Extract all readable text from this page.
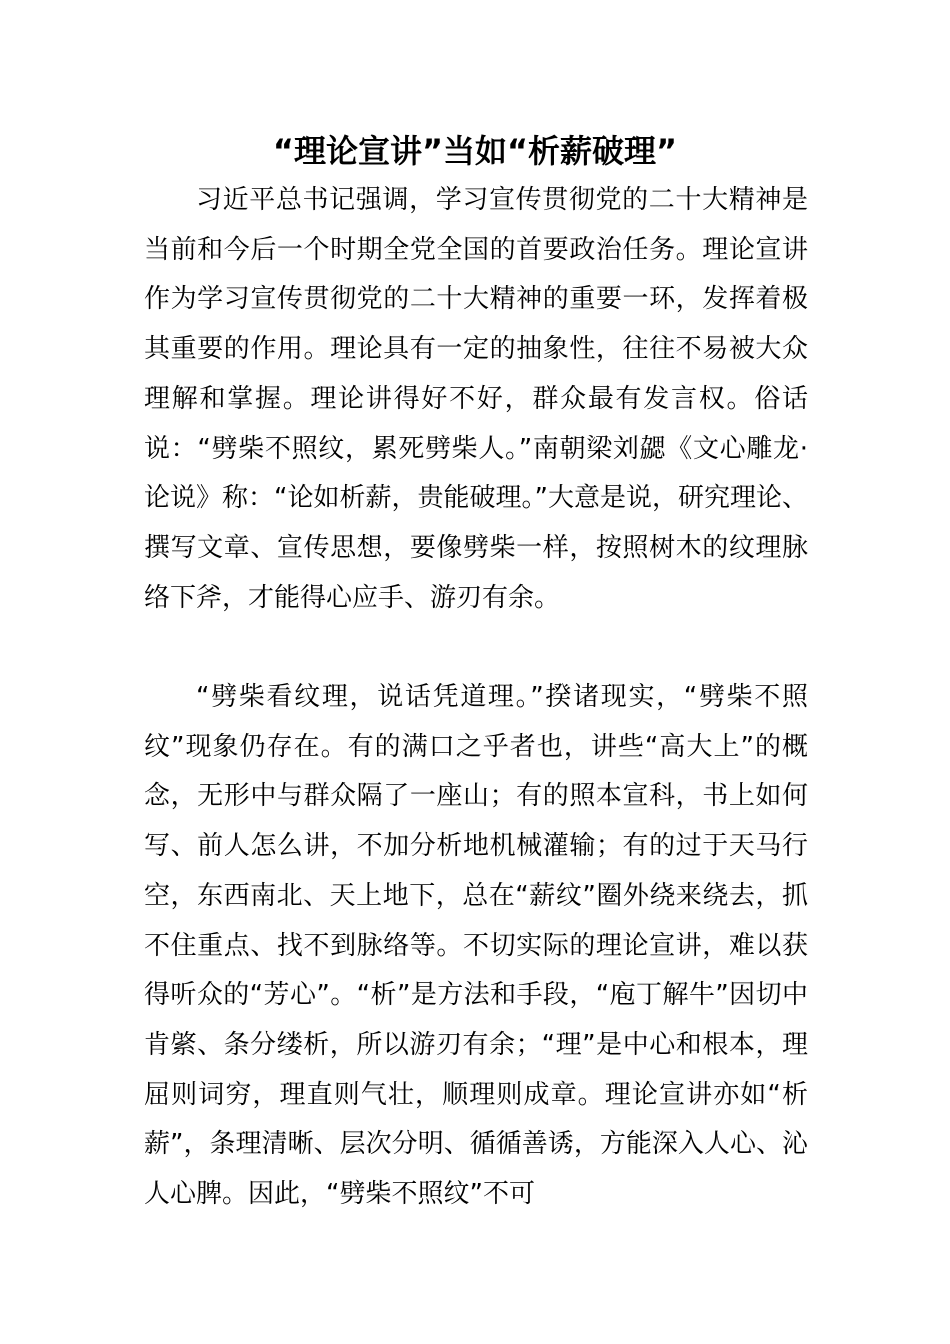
“理论宣讲”当如“析薪破理”

习近平总书记强调，学习宣传贯彻党的二十大精神是当前和今后一个时期全党全国的首要政治任务。理论宣讲作为学习宣传贯彻党的二十大精神的重要一环，发挥着极其重要的作用。理论具有一定的抽象性，往往不易被大众理解和掌握。理论讲得好不好，群众最有发言权。俗话说：“劈柴不照纹，累死劈柴人。”南朝梁刘勰《文心雕龙·论说》称：“论如析薪，贵能破理。”大意是说，研究理论、撰写文章、宣传思想，要像劈柴一样，按照树木的纹理脉络下斧，才能得心应手、游刃有余。

“劈柴看纹理，说话凭道理。”揆诸现实，“劈柴不照纹”现象仍存在。有的满口之乎者也，讲些“高大上”的概念，无形中与群众隔了一座山；有的照本宣科，书上如何写、前人怎么讲，不加分析地机械灌输；有的过于天马行空，东西南北、天上地下，总在“薪纹”圈外绕来绕去，抓不住重点、找不到脉络等。不切实际的理论宣讲，难以获得听众的“芳心”。“析”是方法和手段，“庖丁解牛”因切中肯綮、条分缕析，所以游刃有余；“理”是中心和根本，理屈则词穷，理直则气壮，顺理则成章。理论宣讲亦如“析薪”，条理清晰、层次分明、循循善诱，方能深入人心、沁人心脾。因此，“劈柴不照纹”不可
